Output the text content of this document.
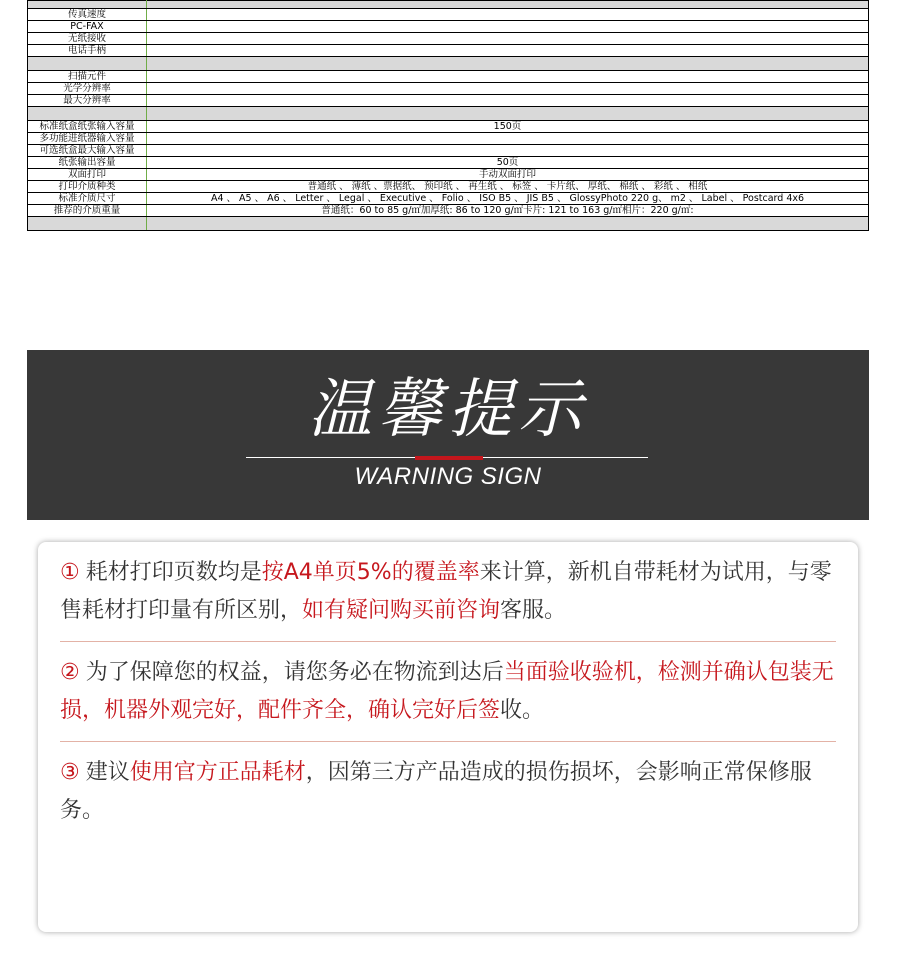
传真速度	
PC-FAX	
无纸接收	
电话手柄	

扫描元件	
光学分辨率	
最大分辨率	

标准纸盒纸张输入容量	150页
多功能进纸器输入容量	
可选纸盒最大输入容量	
纸张输出容量	50页
双面打印	手动双面打印
打印介质种类	普通纸 、 薄纸 、票据纸、 预印纸 、 再生纸 、 标签 、 卡片纸、 厚纸、 棉纸 、 彩纸 、 相纸
标准介质尺寸	A4 、 A5 、 A6 、 Letter 、 Legal 、 Executive 、 Folio 、 ISO B5 、 JIS B5 、 GlossyPhoto 220 g、 m2 、 Label 、 Postcard 4x6
推荐的介质重量	普通纸：60 to 85 g/㎡加厚纸: 86 to 120 g/㎡卡片: 121 to 163 g/㎡相片：220 g/㎡:

温馨提示
WARNING SIGN
① 耗材打印页数均是按A4单页5%的覆盖率来计算，新机自带耗材为试用，与零售耗材打印量有所区别，如有疑问购买前咨询客服。
② 为了保障您的权益，请您务必在物流到达后当面验收验机，检测并确认包装无损，机器外观完好，配件齐全，确认完好后签收。
③ 建议使用官方正品耗材，因第三方产品造成的损伤损坏，会影响正常保修服务。
